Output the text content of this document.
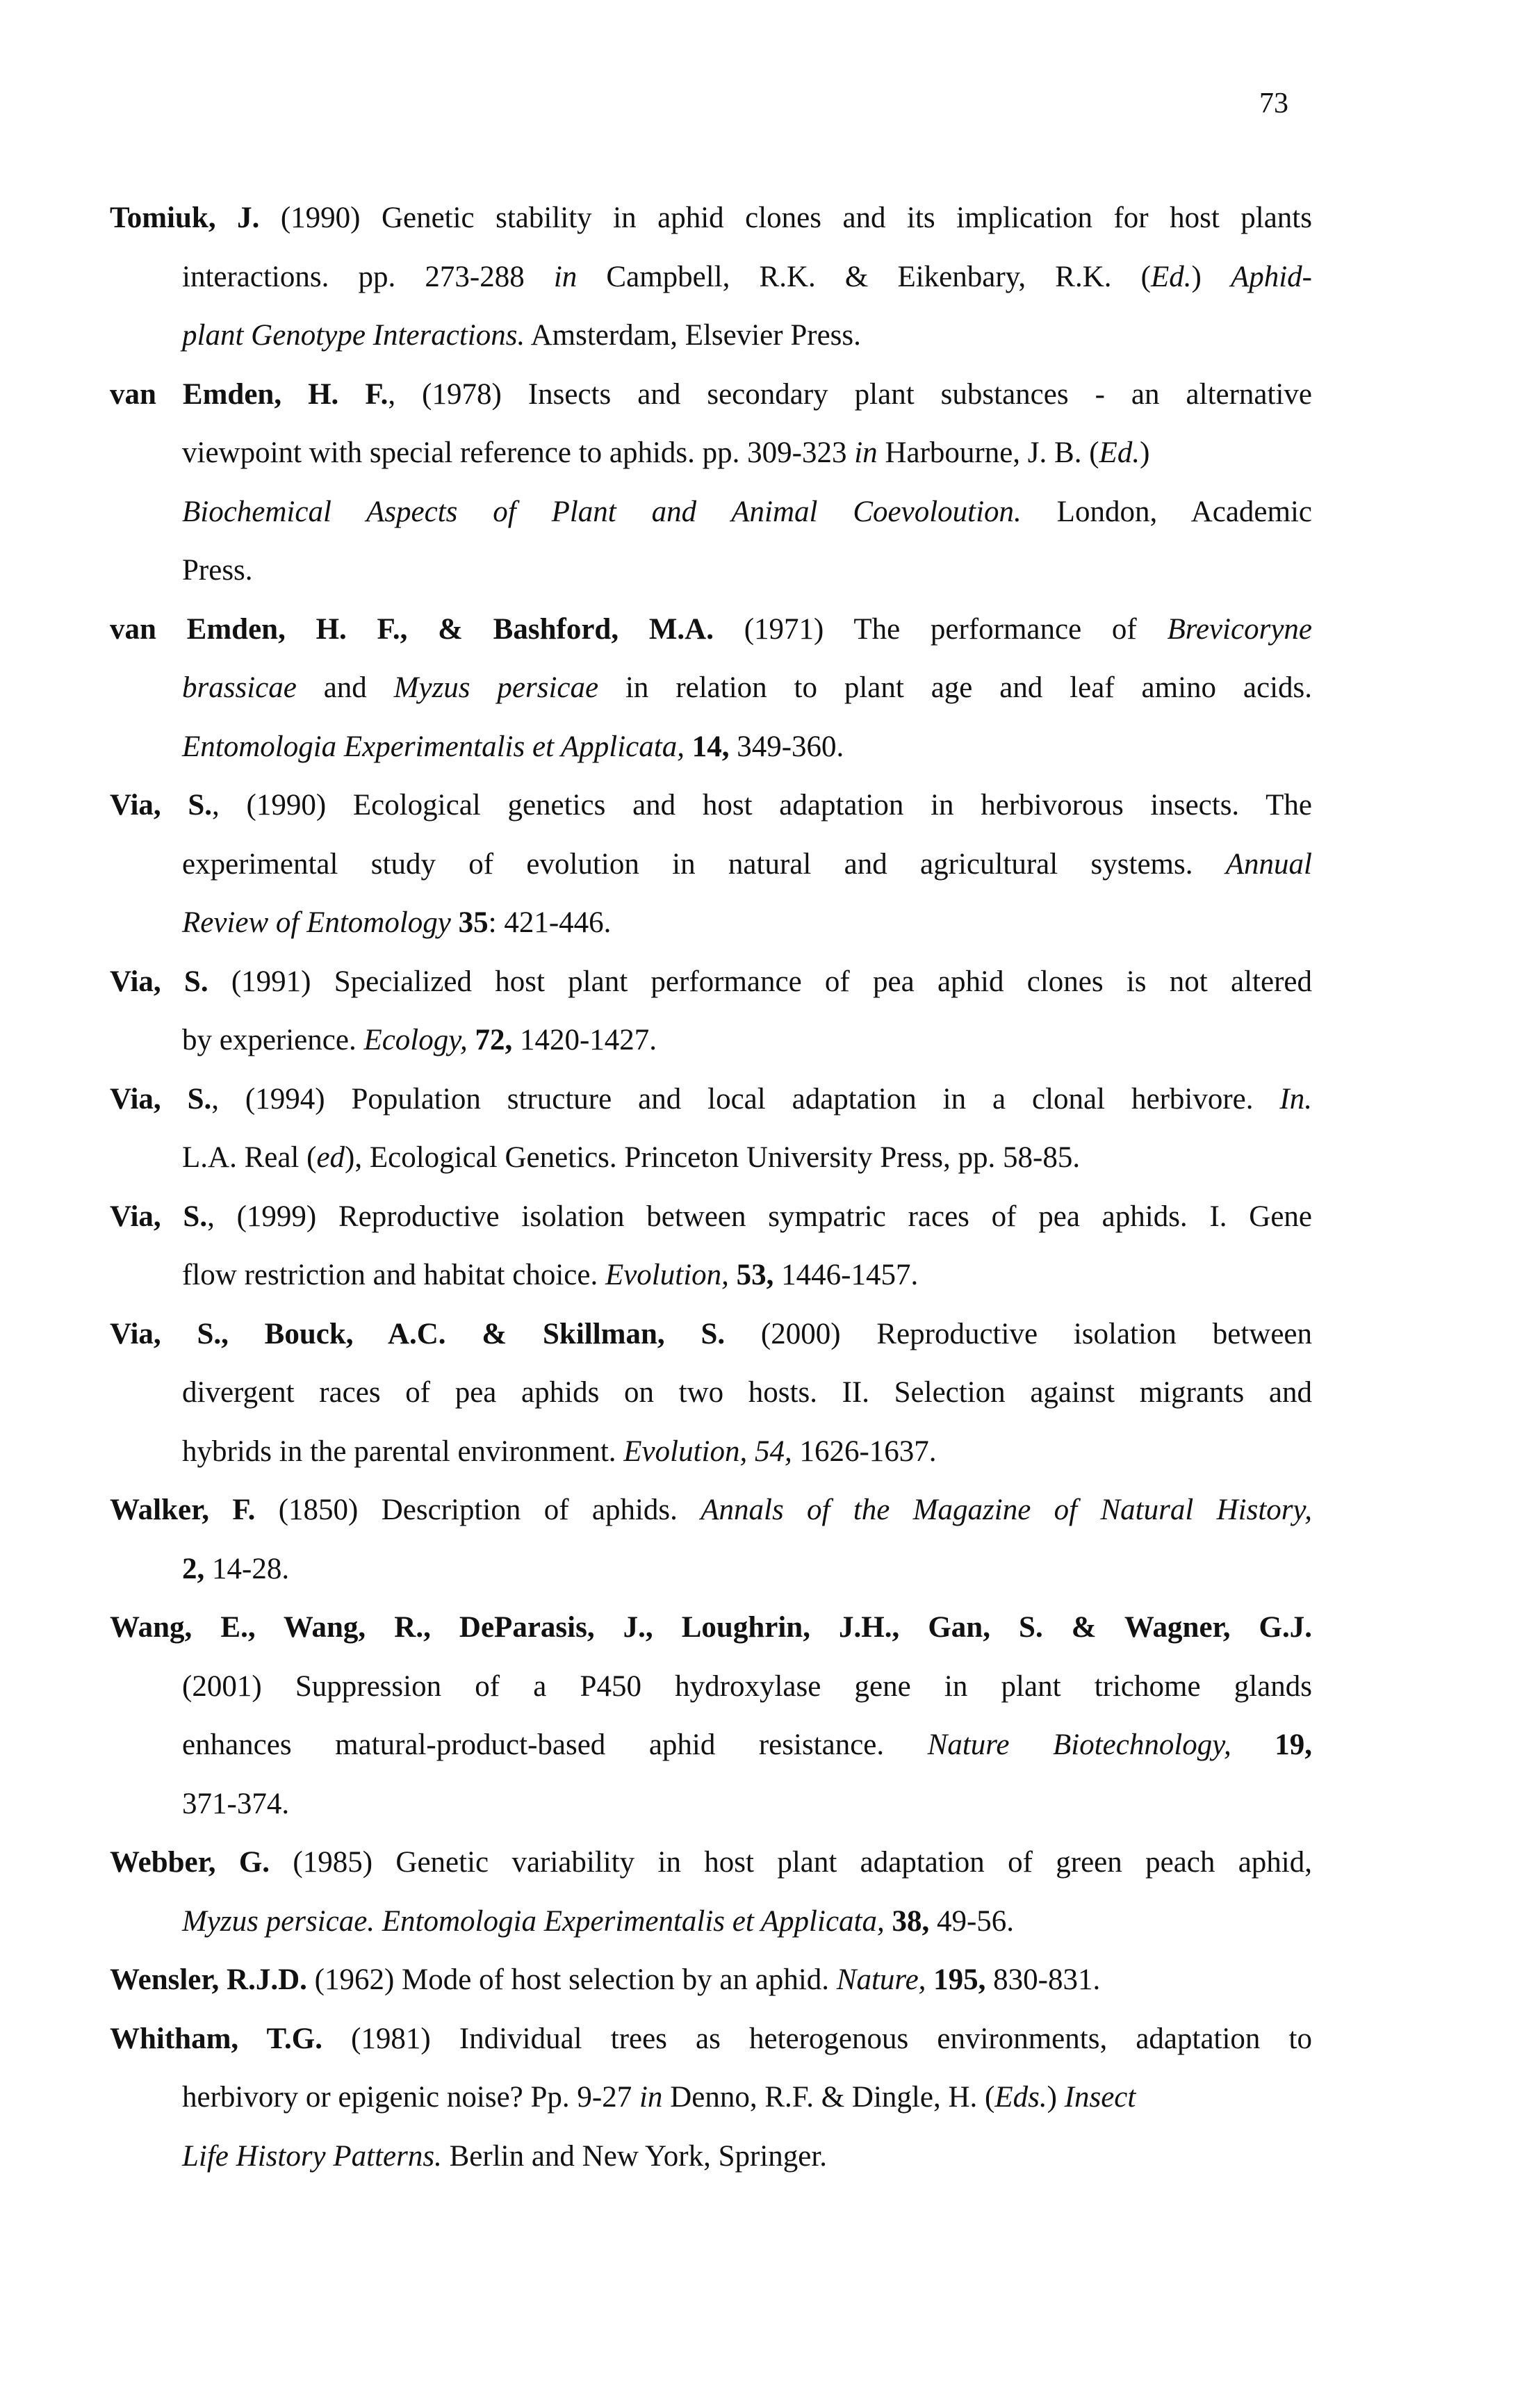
73
Tomiuk, J. (1990) Genetic stability in aphid clones and its implication for host plants
interactions. pp. 273-288 in Campbell, R.K. & Eikenbary, R.K. (Ed.) Aphid-
plant Genotype Interactions. Amsterdam, Elsevier Press.
van Emden, H. F., (1978) Insects and secondary plant substances - an alternative
viewpoint with special reference to aphids. pp. 309-323 in Harbourne, J. B. (Ed.)
Biochemical Aspects of Plant and Animal Coevoloution. London, Academic
Press.
van Emden, H. F., & Bashford, M.A. (1971) The performance of Brevicoryne
brassicae and Myzus persicae in relation to plant age and leaf amino acids.
Entomologia Experimentalis et Applicata, 14, 349-360.
Via, S., (1990) Ecological genetics and host adaptation in herbivorous insects. The
experimental study of evolution in natural and agricultural systems. Annual
Review of Entomology 35: 421-446.
Via, S. (1991) Specialized host plant performance of pea aphid clones is not altered
by experience. Ecology, 72, 1420-1427.
Via, S., (1994) Population structure and local adaptation in a clonal herbivore. In.
L.A. Real (ed), Ecological Genetics. Princeton University Press, pp. 58-85.
Via, S., (1999) Reproductive isolation between sympatric races of pea aphids. I. Gene
flow restriction and habitat choice. Evolution, 53, 1446-1457.
Via, S., Bouck, A.C. & Skillman, S. (2000) Reproductive isolation between
divergent races of pea aphids on two hosts. II. Selection against migrants and
hybrids in the parental environment. Evolution, 54, 1626-1637.
Walker, F. (1850) Description of aphids. Annals of the Magazine of Natural History,
2, 14-28.
Wang, E., Wang, R., DeParasis, J., Loughrin, J.H., Gan, S. & Wagner, G.J.
(2001) Suppression of a P450 hydroxylase gene in plant trichome glands
enhances matural-product-based aphid resistance. Nature Biotechnology, 19,
371-374.
Webber, G. (1985) Genetic variability in host plant adaptation of green peach aphid,
Myzus persicae. Entomologia Experimentalis et Applicata, 38, 49-56.
Wensler, R.J.D. (1962) Mode of host selection by an aphid. Nature, 195, 830-831.
Whitham, T.G. (1981) Individual trees as heterogenous environments, adaptation to
herbivory or epigenic noise? Pp. 9-27 in Denno, R.F. & Dingle, H. (Eds.) Insect
Life History Patterns. Berlin and New York, Springer.
